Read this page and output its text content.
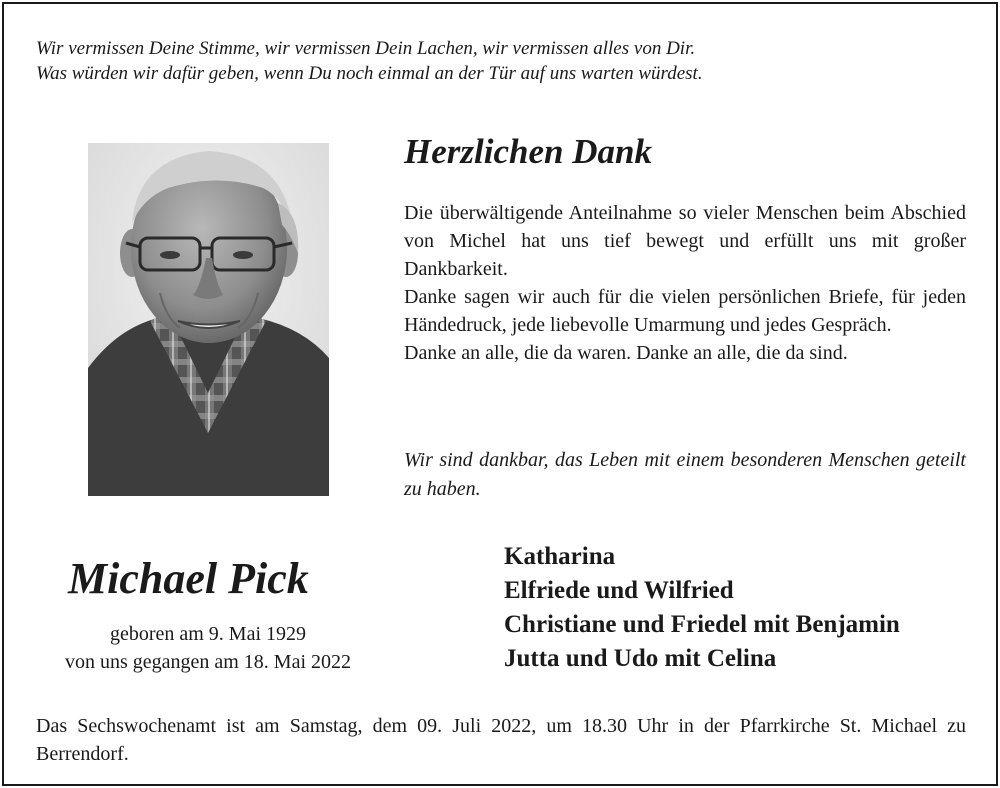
Wir vermissen Deine Stimme, wir vermissen Dein Lachen, wir vermissen alles von Dir.
Was würden wir dafür geben, wenn Du noch einmal an der Tür auf uns warten würdest.
Herzlichen Dank

Die überwältigende Anteilnahme so vieler Menschen beim Abschied von Michel hat uns tief bewegt und erfüllt uns mit großer Dankbarkeit.

Danke sagen wir auch für die vielen persönlichen Briefe, für jeden Händedruck, jede liebevolle Umarmung und jedes Gespräch.

Danke an alle, die da waren. Danke an alle, die da sind.

Wir sind dankbar, das Leben mit einem besonderen Menschen geteilt zu haben.
Michael Pick
geboren am 9. Mai 1929
von uns gegangen am 18. Mai 2022
Katharina
Elfriede und Wilfried
Christiane und Friedel mit Benjamin
Jutta und Udo mit Celina
Das Sechswochenamt ist am Samstag, dem 09. Juli 2022, um 18.30 Uhr in der Pfarrkirche St. Michael zu Berrendorf.
